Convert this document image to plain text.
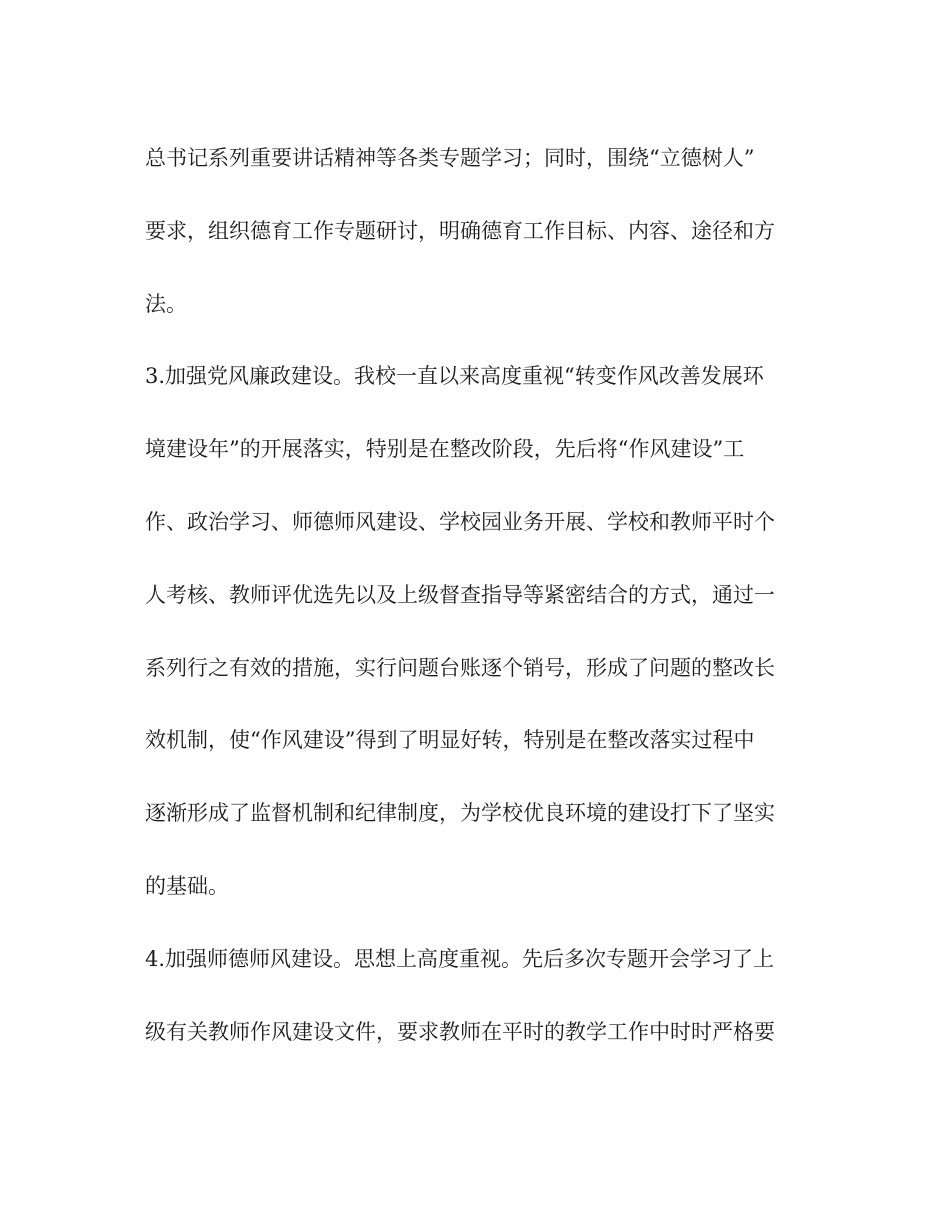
总书记系列重要讲话精神等各类专题学习；同时，围绕“立德树人”

要求，组织德育工作专题研讨，明确德育工作目标、内容、途径和方

法。

3.加强党风廉政建设。我校一直以来高度重视“转变作风改善发展环

境建设年”的开展落实，特别是在整改阶段，先后将“作风建设”工

作、政治学习、师德师风建设、学校园业务开展、学校和教师平时个

人考核、教师评优选先以及上级督查指导等紧密结合的方式，通过一

系列行之有效的措施，实行问题台账逐个销号，形成了问题的整改长

效机制，使“作风建设”得到了明显好转，特别是在整改落实过程中

逐渐形成了监督机制和纪律制度，为学校优良环境的建设打下了坚实

的基础。

4.加强师德师风建设。思想上高度重视。先后多次专题开会学习了上

级有关教师作风建设文件，要求教师在平时的教学工作中时时严格要
